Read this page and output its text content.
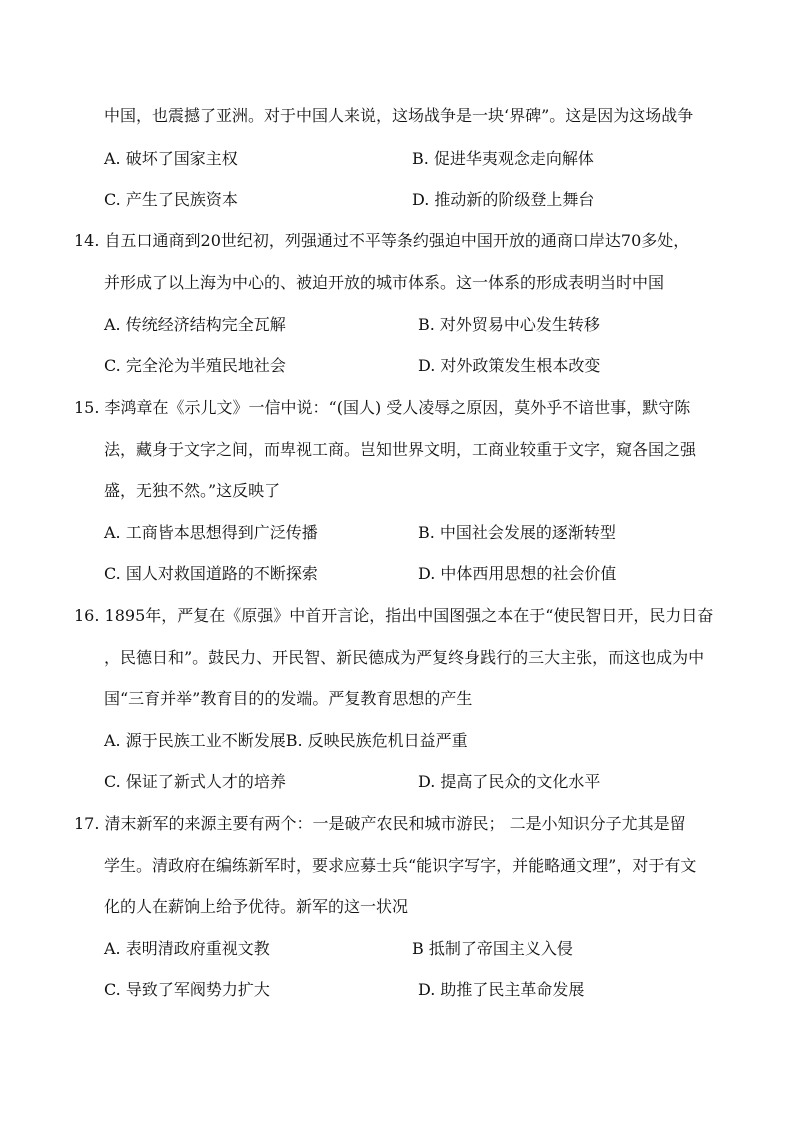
中国，也震撼了亚洲。对于中国人来说，这场战争是一块‘界碑”。这是因为这场战争
A. 破坏了国家主权	B. 促进华夷观念走向解体
C. 产生了民族资本	D. 推动新的阶级登上舞台
14. 自五口通商到20世纪初，列强通过不平等条约强迫中国开放的通商口岸达70多处，
并形成了以上海为中心的、被迫开放的城市体系。这一体系的形成表明当时中国
A. 传统经济结构完全瓦解	B. 对外贸易中心发生转移
C. 完全沦为半殖民地社会	D. 对外政策发生根本改变
15. 李鸿章在《示儿文》一信中说：“(国人) 受人凌辱之原因，莫外乎不谙世事，默守陈
法，藏身于文字之间，而卑视工商。岂知世界文明，工商业较重于文字，窥各国之强
盛，无独不然。”这反映了
A. 工商皆本思想得到广泛传播	B. 中国社会发展的逐渐转型
C. 国人对救国道路的不断探索	D. 中体西用思想的社会价值
16. 1895年，严复在《原强》中首开言论，指出中国图强之本在于“使民智日开，民力日奋
，民德日和”。鼓民力、开民智、新民德成为严复终身践行的三大主张，而这也成为中
国“三育并举”教育目的的发端。严复教育思想的产生
A. 源于民族工业不断发展B. 反映民族危机日益严重
C. 保证了新式人才的培养	D. 提高了民众的文化水平
17. 清末新军的来源主要有两个：一是破产农民和城市游民； 二是小知识分子尤其是留
学生。清政府在编练新军时，要求应募士兵“能识字写字，并能略通文理”，对于有文
化的人在薪饷上给予优待。新军的这一状况
A. 表明清政府重视文教	B 抵制了帝国主义入侵
C. 导致了军阀势力扩大	D. 助推了民主革命发展
